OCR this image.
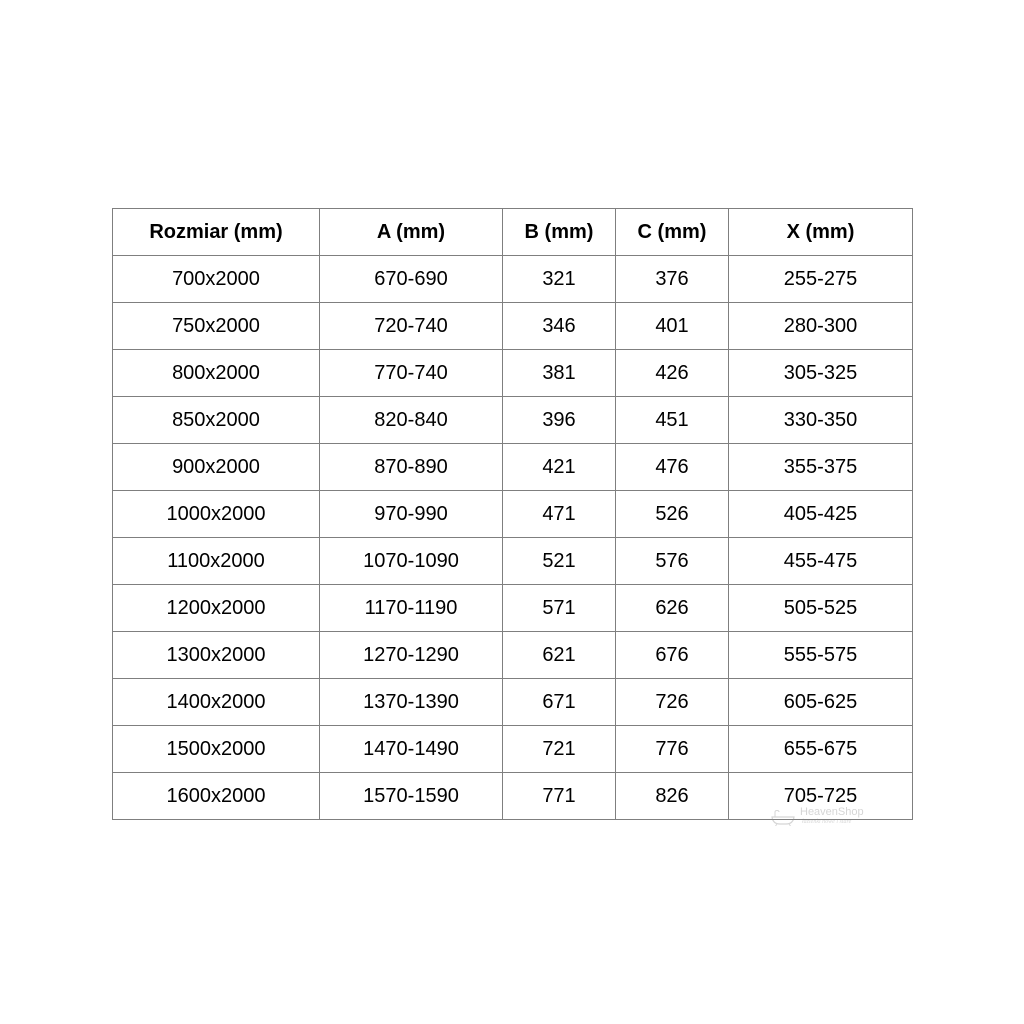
Rozmiar (mm)	A (mm)	B (mm)	C (mm)	X (mm)
700x2000	670-690	321	376	255-275
750x2000	720-740	346	401	280-300
800x2000	770-740	381	426	305-325
850x2000	820-840	396	451	330-350
900x2000	870-890	421	476	355-375
1000x2000	970-990	471	526	405-425
1100x2000	1070-1090	521	576	455-475
1200x2000	1170-1190	571	626	505-525
1300x2000	1270-1290	621	676	555-575
1400x2000	1370-1390	671	726	605-625
1500x2000	1470-1490	721	776	655-675
1600x2000	1570-1590	771	826	705-725
HeavenShop
łazienki nowe i stare
